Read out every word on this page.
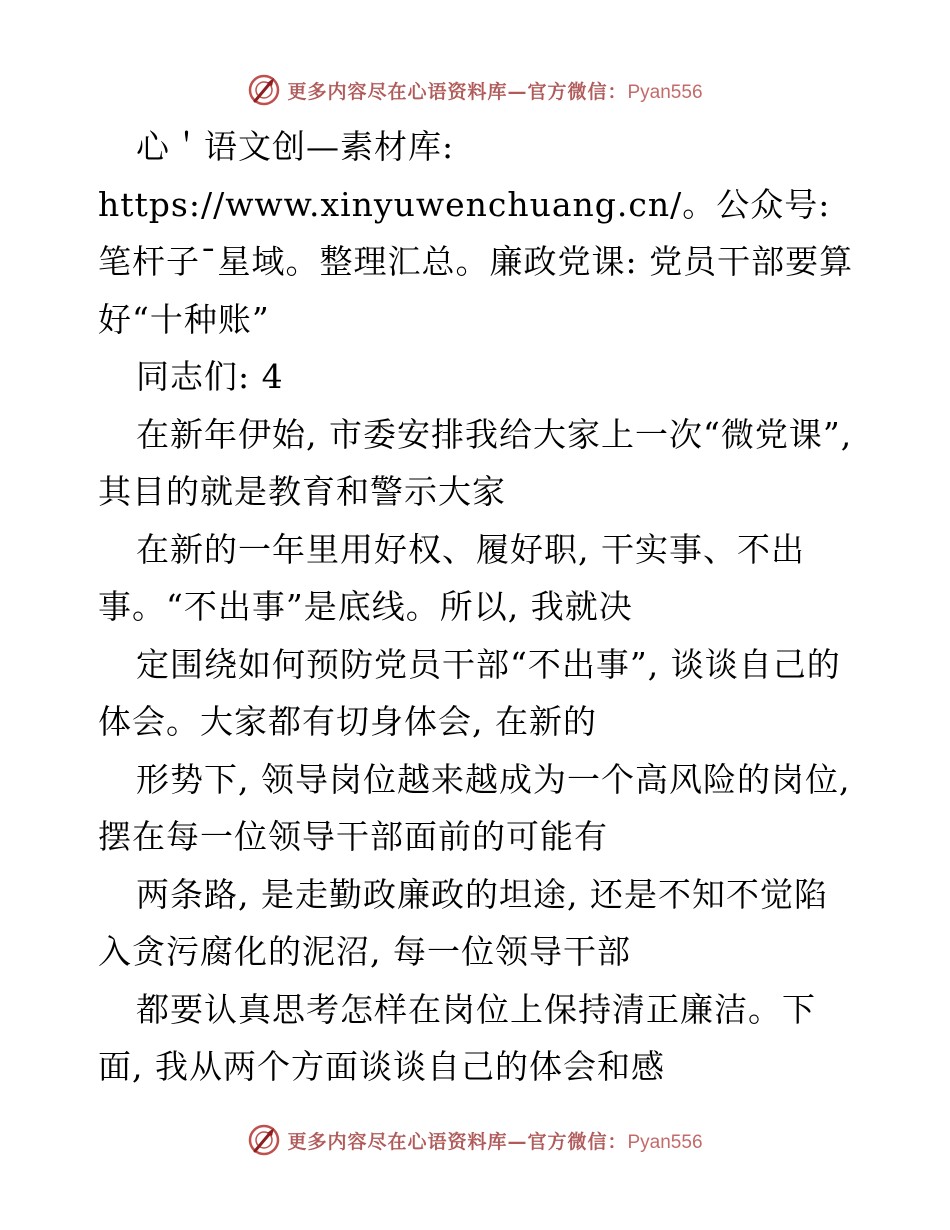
更多内容尽在心语资料库—官方微信：Pyan556

心＇语文创—素材库: https://www.xinyuwenchuang.cn/。公众号: 笔杆子¯星域。整理汇总。廉政党课: 党员干部要算好“十种账”

同志们: 4

在新年伊始, 市委安排我给大家上一次“微党课”, 其目的就是教育和警示大家

在新的一年里用好权、履好职, 干实事、不出事。“不出事”是底线。所以, 我就决

定围绕如何预防党员干部“不出事”, 谈谈自己的体会。大家都有切身体会, 在新的

形势下, 领导岗位越来越成为一个高风险的岗位, 摆在每一位领导干部面前的可能有

两条路, 是走勤政廉政的坦途, 还是不知不觉陷入贪污腐化的泥沼, 每一位领导干部

都要认真思考怎样在岗位上保持清正廉洁。下面, 我从两个方面谈谈自己的体会和感

更多内容尽在心语资料库—官方微信：Pyan556
